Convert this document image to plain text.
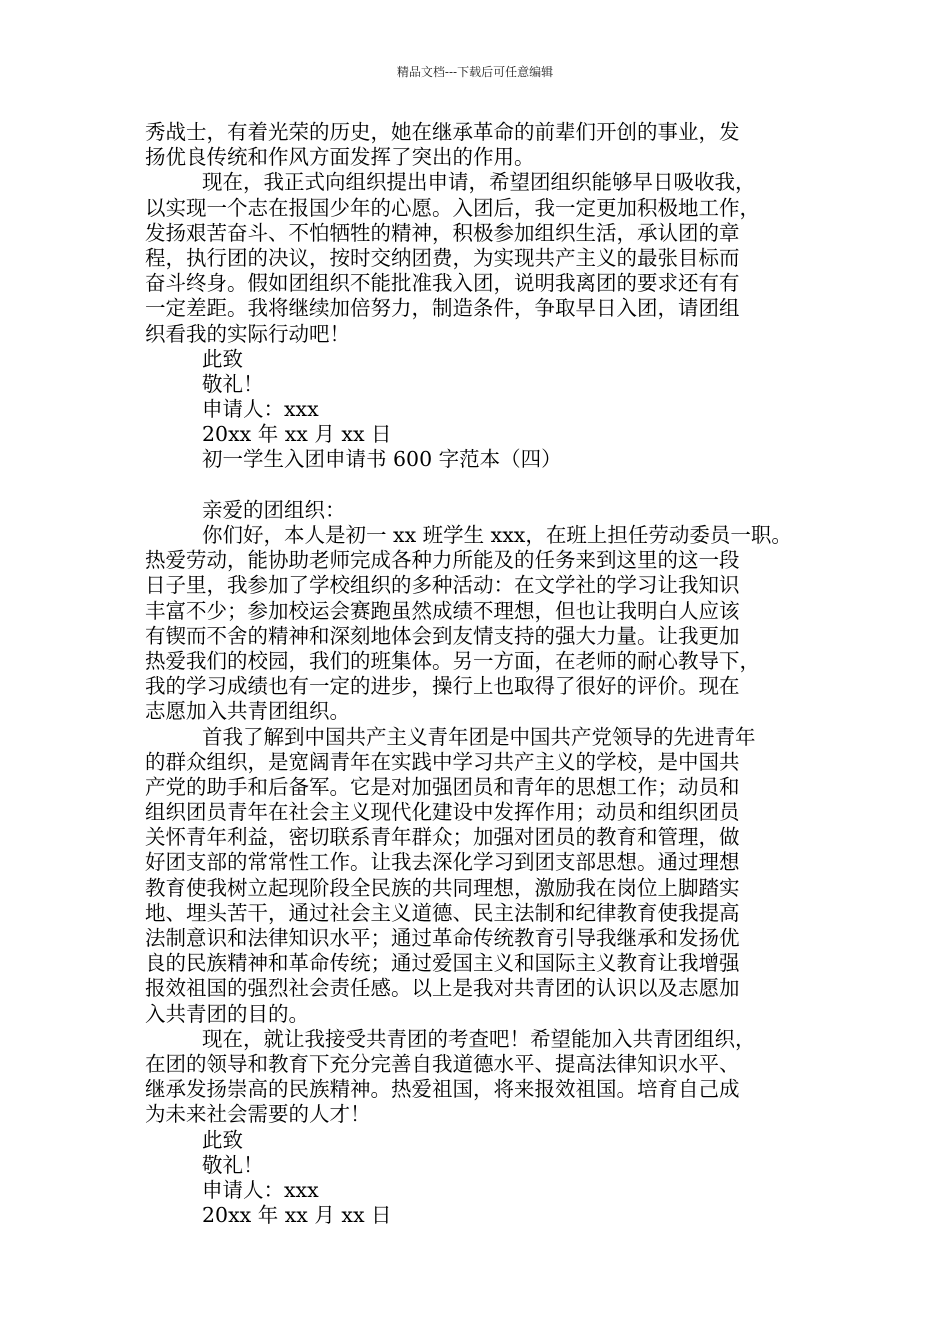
精品文档---下载后可任意编辑
秀战士，有着光荣的历史，她在继承革命的前辈们开创的事业，发
扬优良传统和作风方面发挥了突出的作用。
现在，我正式向组织提出申请，希望团组织能够早日吸收我，
以实现一个志在报国少年的心愿。入团后，我一定更加积极地工作，
发扬艰苦奋斗、不怕牺牲的精神，积极参加组织生活，承认团的章
程，执行团的决议，按时交纳团费，为实现共产主义的最张目标而
奋斗终身。假如团组织不能批准我入团，说明我离团的要求还有有
一定差距。我将继续加倍努力，制造条件，争取早日入团，请团组
织看我的实际行动吧！
此致
敬礼！
申请人：xxx
20xx 年 xx 月 xx 日
初一学生入团申请书 600 字范本（四）
亲爱的团组织：
你们好，本人是初一 xx 班学生 xxx，在班上担任劳动委员一职。
热爱劳动，能协助老师完成各种力所能及的任务来到这里的这一段
日子里，我参加了学校组织的多种活动：在文学社的学习让我知识
丰富不少；参加校运会赛跑虽然成绩不理想，但也让我明白人应该
有锲而不舍的精神和深刻地体会到友情支持的强大力量。让我更加
热爱我们的校园，我们的班集体。另一方面，在老师的耐心教导下，
我的学习成绩也有一定的进步，操行上也取得了很好的评价。现在
志愿加入共青团组织。
首我了解到中国共产主义青年团是中国共产党领导的先进青年
的群众组织，是宽阔青年在实践中学习共产主义的学校，是中国共
产党的助手和后备军。它是对加强团员和青年的思想工作；动员和
组织团员青年在社会主义现代化建设中发挥作用；动员和组织团员
关怀青年利益，密切联系青年群众；加强对团员的教育和管理，做
好团支部的常常性工作。让我去深化学习到团支部思想。通过理想
教育使我树立起现阶段全民族的共同理想，激励我在岗位上脚踏实
地、埋头苦干，通过社会主义道德、民主法制和纪律教育使我提高
法制意识和法律知识水平；通过革命传统教育引导我继承和发扬优
良的民族精神和革命传统；通过爱国主义和国际主义教育让我增强
报效祖国的强烈社会责任感。以上是我对共青团的认识以及志愿加
入共青团的目的。
现在，就让我接受共青团的考查吧！希望能加入共青团组织，
在团的领导和教育下充分完善自我道德水平、提高法律知识水平、
继承发扬崇高的民族精神。热爱祖国，将来报效祖国。培育自己成
为未来社会需要的人才！
此致
敬礼！
申请人：xxx
20xx 年 xx 月 xx 日
